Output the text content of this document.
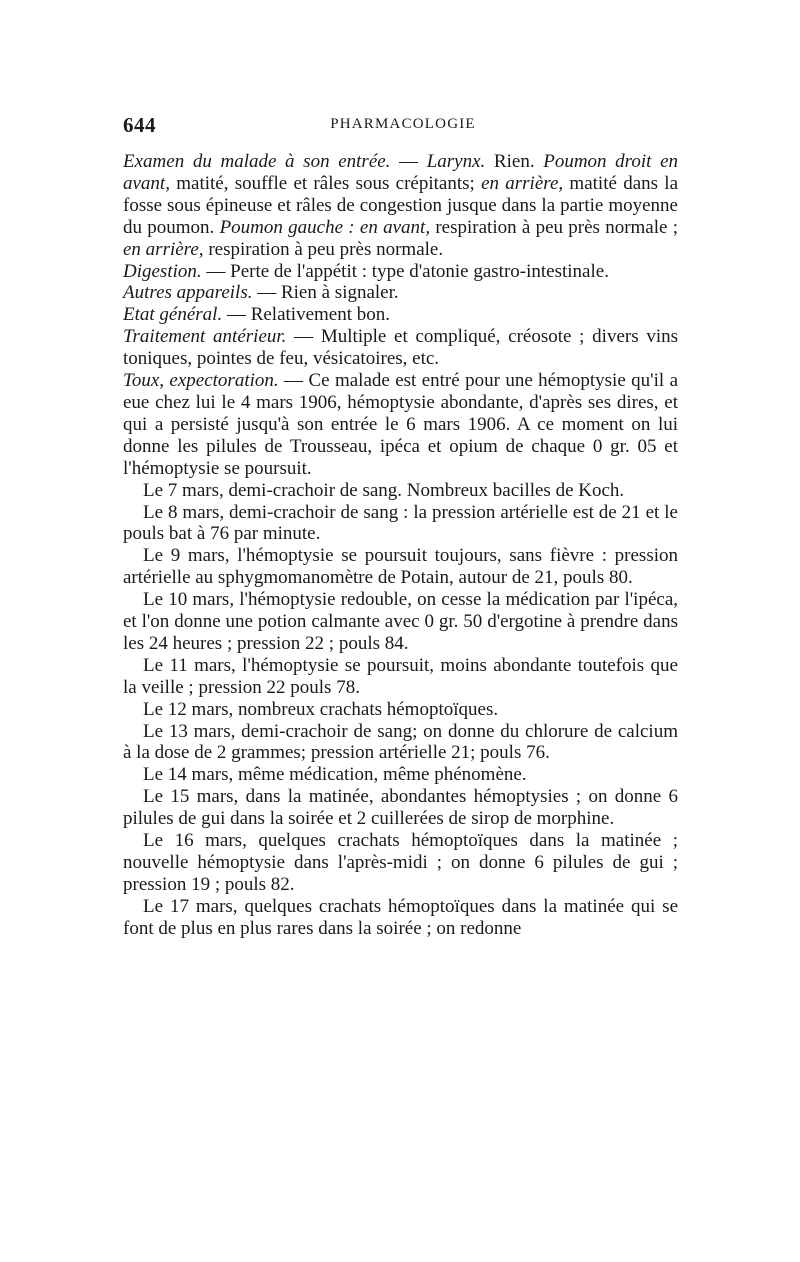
644	PHARMACOLOGIE

Examen du malade à son entrée. — Larynx. Rien. Poumon droit en avant, matité, souffle et râles sous crépitants; en arrière, matité dans la fosse sous épineuse et râles de congestion jusque dans la partie moyenne du poumon. Poumon gauche : en avant, respiration à peu près normale ; en arrière, respiration à peu près normale.

Digestion. — Perte de l'appétit : type d'atonie gastro-intestinale.

Autres appareils. — Rien à signaler.

Etat général. — Relativement bon.

Traitement antérieur. — Multiple et compliqué, créosote ; divers vins toniques, pointes de feu, vésicatoires, etc.

Toux, expectoration. — Ce malade est entré pour une hémoptysie qu'il a eue chez lui le 4 mars 1906, hémoptysie abondante, d'après ses dires, et qui a persisté jusqu'à son entrée le 6 mars 1906. A ce moment on lui donne les pilules de Trousseau, ipéca et opium de chaque 0 gr. 05 et l'hémoptysie se poursuit.

Le 7 mars, demi-crachoir de sang. Nombreux bacilles de Koch.

Le 8 mars, demi-crachoir de sang : la pression artérielle est de 21 et le pouls bat à 76 par minute.

Le 9 mars, l'hémoptysie se poursuit toujours, sans fièvre : pression artérielle au sphygmomanomètre de Potain, autour de 21, pouls 80.

Le 10 mars, l'hémoptysie redouble, on cesse la médication par l'ipéca, et l'on donne une potion calmante avec 0 gr. 50 d'ergotine à prendre dans les 24 heures ; pression 22 ; pouls 84.

Le 11 mars, l'hémoptysie se poursuit, moins abondante toutefois que la veille ; pression 22 pouls 78.

Le 12 mars, nombreux crachats hémoptoïques.

Le 13 mars, demi-crachoir de sang; on donne du chlorure de calcium à la dose de 2 grammes; pression artérielle 21; pouls 76.

Le 14 mars, même médication, même phénomène.

Le 15 mars, dans la matinée, abondantes hémoptysies ; on donne 6 pilules de gui dans la soirée et 2 cuillerées de sirop de morphine.

Le 16 mars, quelques crachats hémoptoïques dans la matinée ; nouvelle hémoptysie dans l'après-midi ; on donne 6 pilules de gui ; pression 19 ; pouls 82.

Le 17 mars, quelques crachats hémoptoïques dans la matinée qui se font de plus en plus rares dans la soirée ; on redonne
